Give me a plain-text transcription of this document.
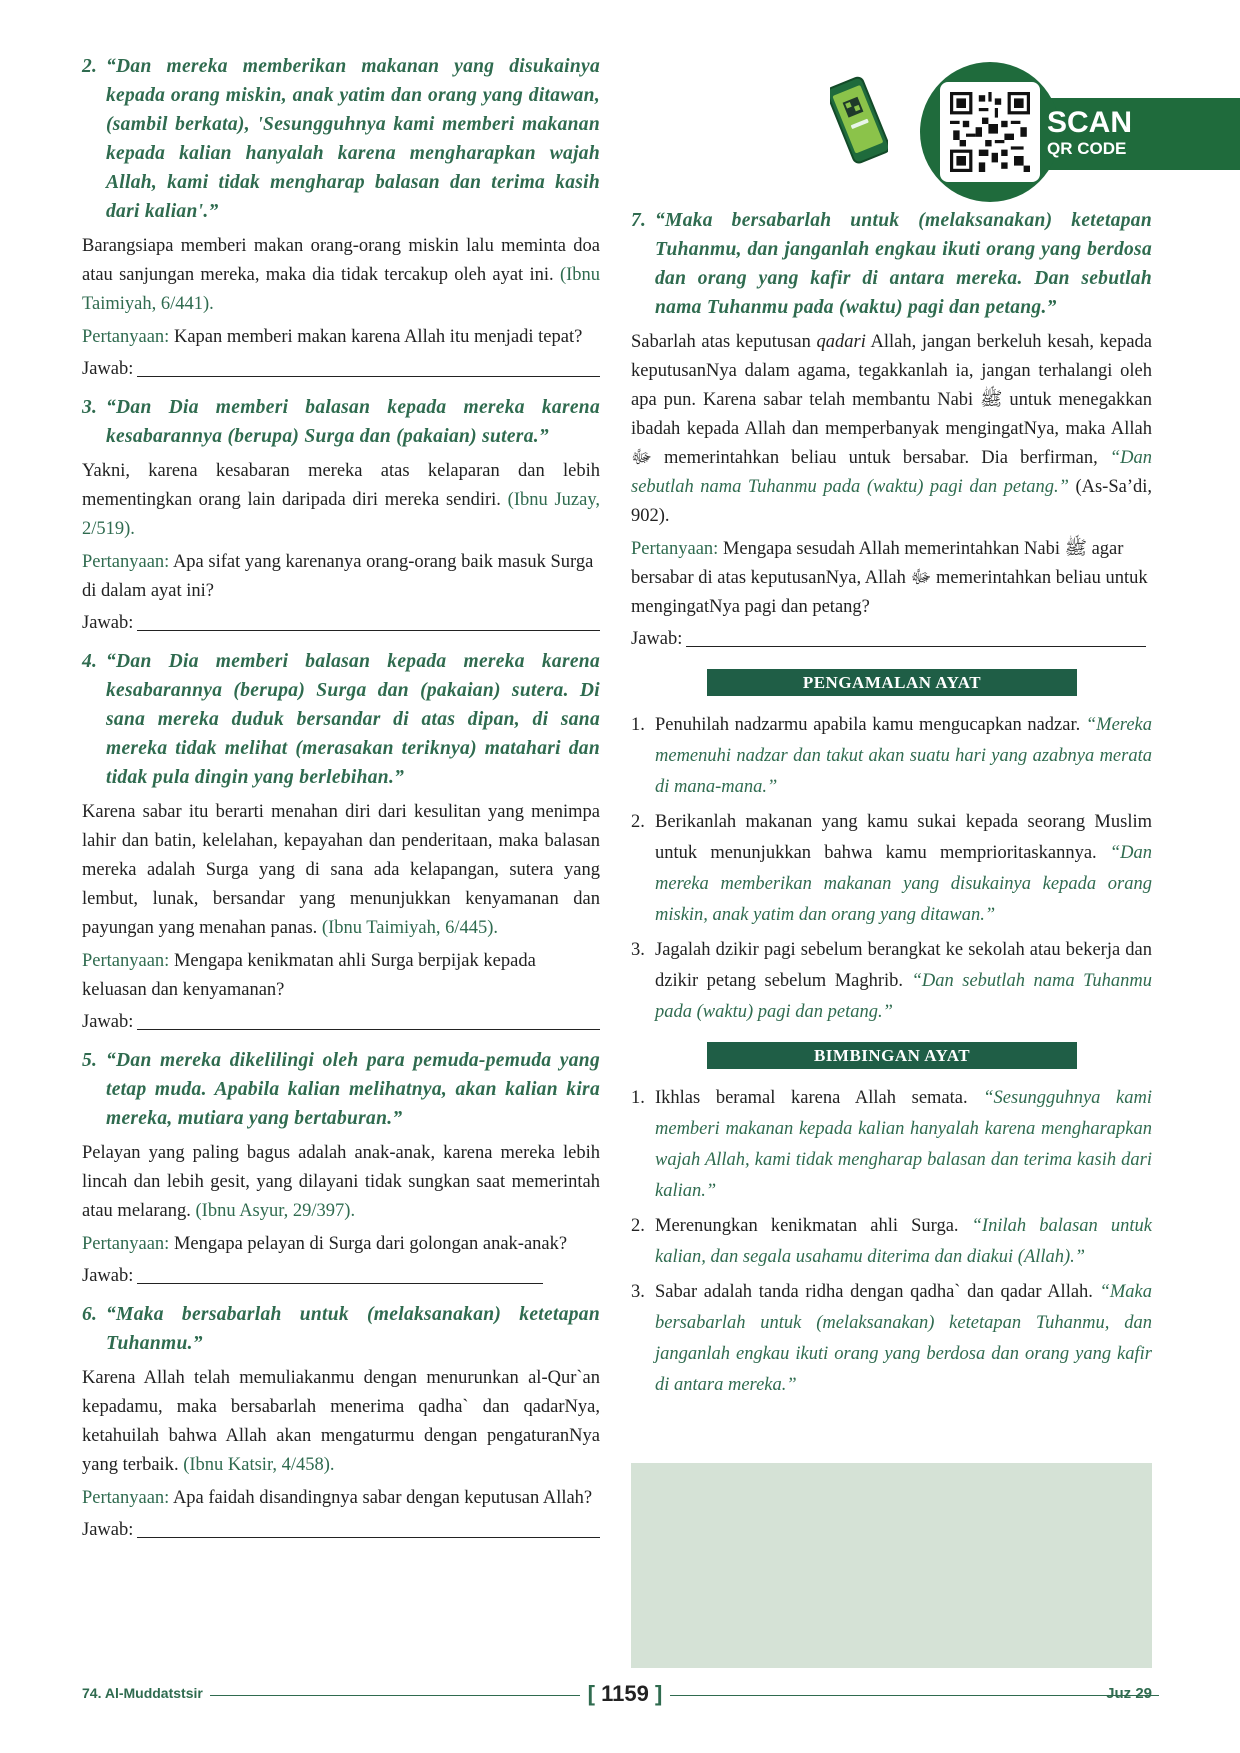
2. “Dan mereka memberikan makanan yang disukainya kepada orang miskin, anak yatim dan orang yang ditawan, (sambil berkata), 'Sesungguhnya kami memberi makanan kepada kalian hanyalah karena mengharapkan wajah Allah, kami tidak mengharap balasan dan terima kasih dari kalian'.”
Barangsiapa memberi makan orang-orang miskin lalu meminta doa atau sanjungan mereka, maka dia tidak tercakup oleh ayat ini. (Ibnu Taimiyah, 6/441).
Pertanyaan: Kapan memberi makan karena Allah itu menjadi tepat?
Jawab:
3. “Dan Dia memberi balasan kepada mereka karena kesabarannya (berupa) Surga dan (pakaian) sutera.”
Yakni, karena kesabaran mereka atas kelaparan dan lebih mementingkan orang lain daripada diri mereka sendiri. (Ibnu Juzay, 2/519).
Pertanyaan: Apa sifat yang karenanya orang-orang baik masuk Surga di dalam ayat ini?
Jawab:
4. “Dan Dia memberi balasan kepada mereka karena kesabarannya (berupa) Surga dan (pakaian) sutera. Di sana mereka duduk bersandar di atas dipan, di sana mereka tidak melihat (merasakan teriknya) matahari dan tidak pula dingin yang berlebihan.”
Karena sabar itu berarti menahan diri dari kesulitan yang menimpa lahir dan batin, kelelahan, kepayahan dan penderitaan, maka balasan mereka adalah Surga yang di sana ada kelapangan, sutera yang lembut, lunak, bersandar yang menunjukkan kenyamanan dan payungan yang menahan panas. (Ibnu Taimiyah, 6/445).
Pertanyaan: Mengapa kenikmatan ahli Surga berpijak kepada keluasan dan kenyamanan?
Jawab:
5. “Dan mereka dikelilingi oleh para pemuda-pemuda yang tetap muda. Apabila kalian melihatnya, akan kalian kira mereka, mutiara yang bertaburan.”
Pelayan yang paling bagus adalah anak-anak, karena mereka lebih lincah dan lebih gesit, yang dilayani tidak sungkan saat memerintah atau melarang. (Ibnu Asyur, 29/397).
Pertanyaan: Mengapa pelayan di Surga dari golongan anak-anak?
Jawab:
6. “Maka bersabarlah untuk (melaksanakan) ketetapan Tuhanmu.”
Karena Allah telah memuliakanmu dengan menurunkan al-Qur`an kepadamu, maka bersabarlah menerima qadha` dan qadarNya, ketahuilah bahwa Allah akan mengaturmu dengan pengaturanNya yang terbaik. (Ibnu Katsir, 4/458).
Pertanyaan: Apa faidah disandingnya sabar dengan keputusan Allah?
Jawab:
SCAN
QR CODE
7. “Maka bersabarlah untuk (melaksanakan) ketetapan Tuhanmu, dan janganlah engkau ikuti orang yang berdosa dan orang yang kafir di antara mereka. Dan sebutlah nama Tuhanmu pada (waktu) pagi dan petang.”
Sabarlah atas keputusan qadari Allah, jangan berkeluh kesah, kepada keputusanNya dalam agama, tegakkanlah ia, jangan terhalangi oleh apa pun. Karena sabar telah membantu Nabi ﷺ untuk menegakkan ibadah kepada Allah dan memperbanyak mengingatNya, maka Allah ﷻ memerintahkan beliau untuk bersabar. Dia berfirman, “Dan sebutlah nama Tuhanmu pada (waktu) pagi dan petang.” (As-Sa’di, 902).
Pertanyaan: Mengapa sesudah Allah memerintahkan Nabi ﷺ agar bersabar di atas keputusanNya, Allah ﷻ memerintahkan beliau untuk mengingatNya pagi dan petang?
Jawab:
PENGAMALAN AYAT
1. Penuhilah nadzarmu apabila kamu mengucapkan nadzar. “Mereka memenuhi nadzar dan takut akan suatu hari yang azabnya merata di mana-mana.”
2. Berikanlah makanan yang kamu sukai kepada seorang Muslim untuk menunjukkan bahwa kamu memprioritaskannya. “Dan mereka memberikan makanan yang disukainya kepada orang miskin, anak yatim dan orang yang ditawan.”
3. Jagalah dzikir pagi sebelum berangkat ke sekolah atau bekerja dan dzikir petang sebelum Maghrib. “Dan sebutlah nama Tuhanmu pada (waktu) pagi dan petang.”
BIMBINGAN AYAT
1. Ikhlas beramal karena Allah semata. “Sesungguhnya kami memberi makanan kepada kalian hanyalah karena mengharapkan wajah Allah, kami tidak mengharap balasan dan terima kasih dari kalian.”
2. Merenungkan kenikmatan ahli Surga. “Inilah balasan untuk kalian, dan segala usahamu diterima dan diakui (Allah).”
3. Sabar adalah tanda ridha dengan qadha` dan qadar Allah. “Maka bersabarlah untuk (melaksanakan) ketetapan Tuhanmu, dan janganlah engkau ikuti orang yang berdosa dan orang yang kafir di antara mereka.”
74. Al-Muddatstsir	[ 1159 ]	Juz 29
